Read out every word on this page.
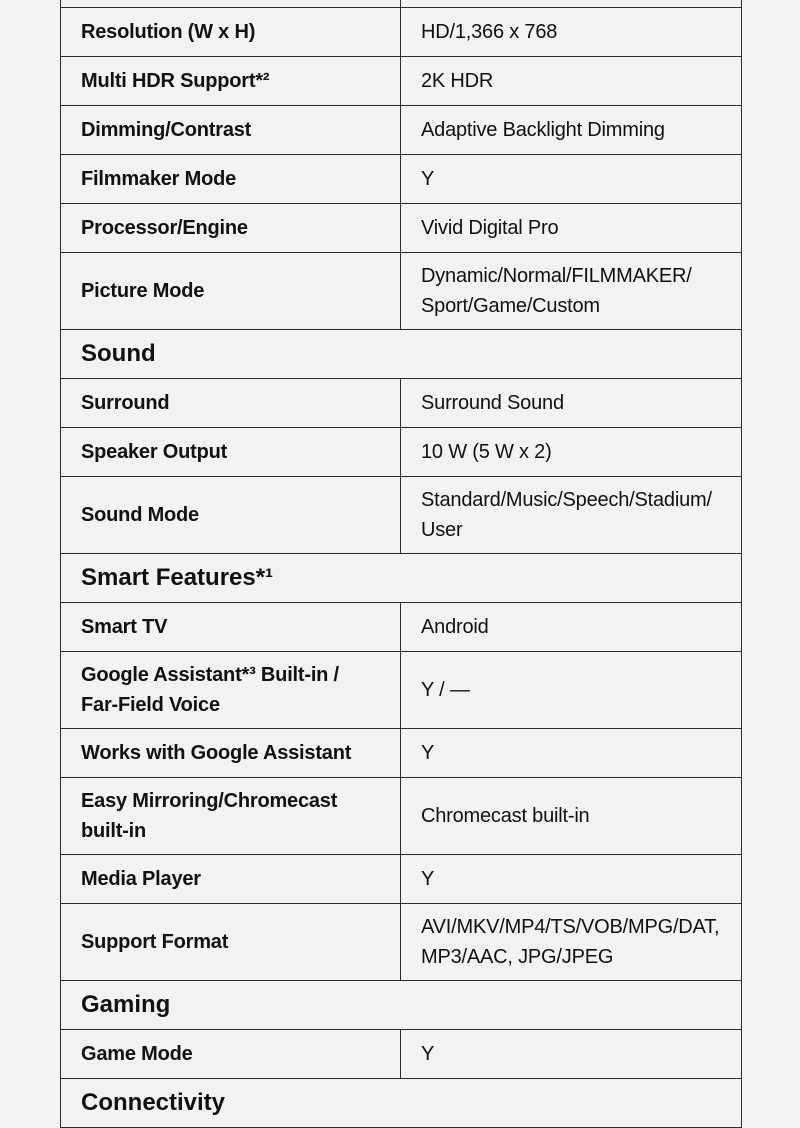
Resolution (W x H)	HD/1,366 x 768
Multi HDR Support*²	2K HDR
Dimming/Contrast	Adaptive Backlight Dimming
Filmmaker Mode	Y
Processor/Engine	Vivid Digital Pro
Picture Mode	Dynamic/Normal/FILMMAKER/
Sport/Game/Custom
Sound	
Surround	Surround Sound
Speaker Output	10 W (5 W x 2)
Sound Mode	Standard/Music/Speech/Stadium/
User
Smart Features*¹	
Smart TV	Android
Google Assistant*³ Built-in /
Far-Field Voice	Y / —
Works with Google Assistant	Y
Easy Mirroring/Chromecast
built-in	Chromecast built-in
Media Player	Y
Support Format	AVI/MKV/MP4/TS/VOB/MPG/DAT,
MP3/AAC, JPG/JPEG
Gaming	
Game Mode	Y
Connectivity	
